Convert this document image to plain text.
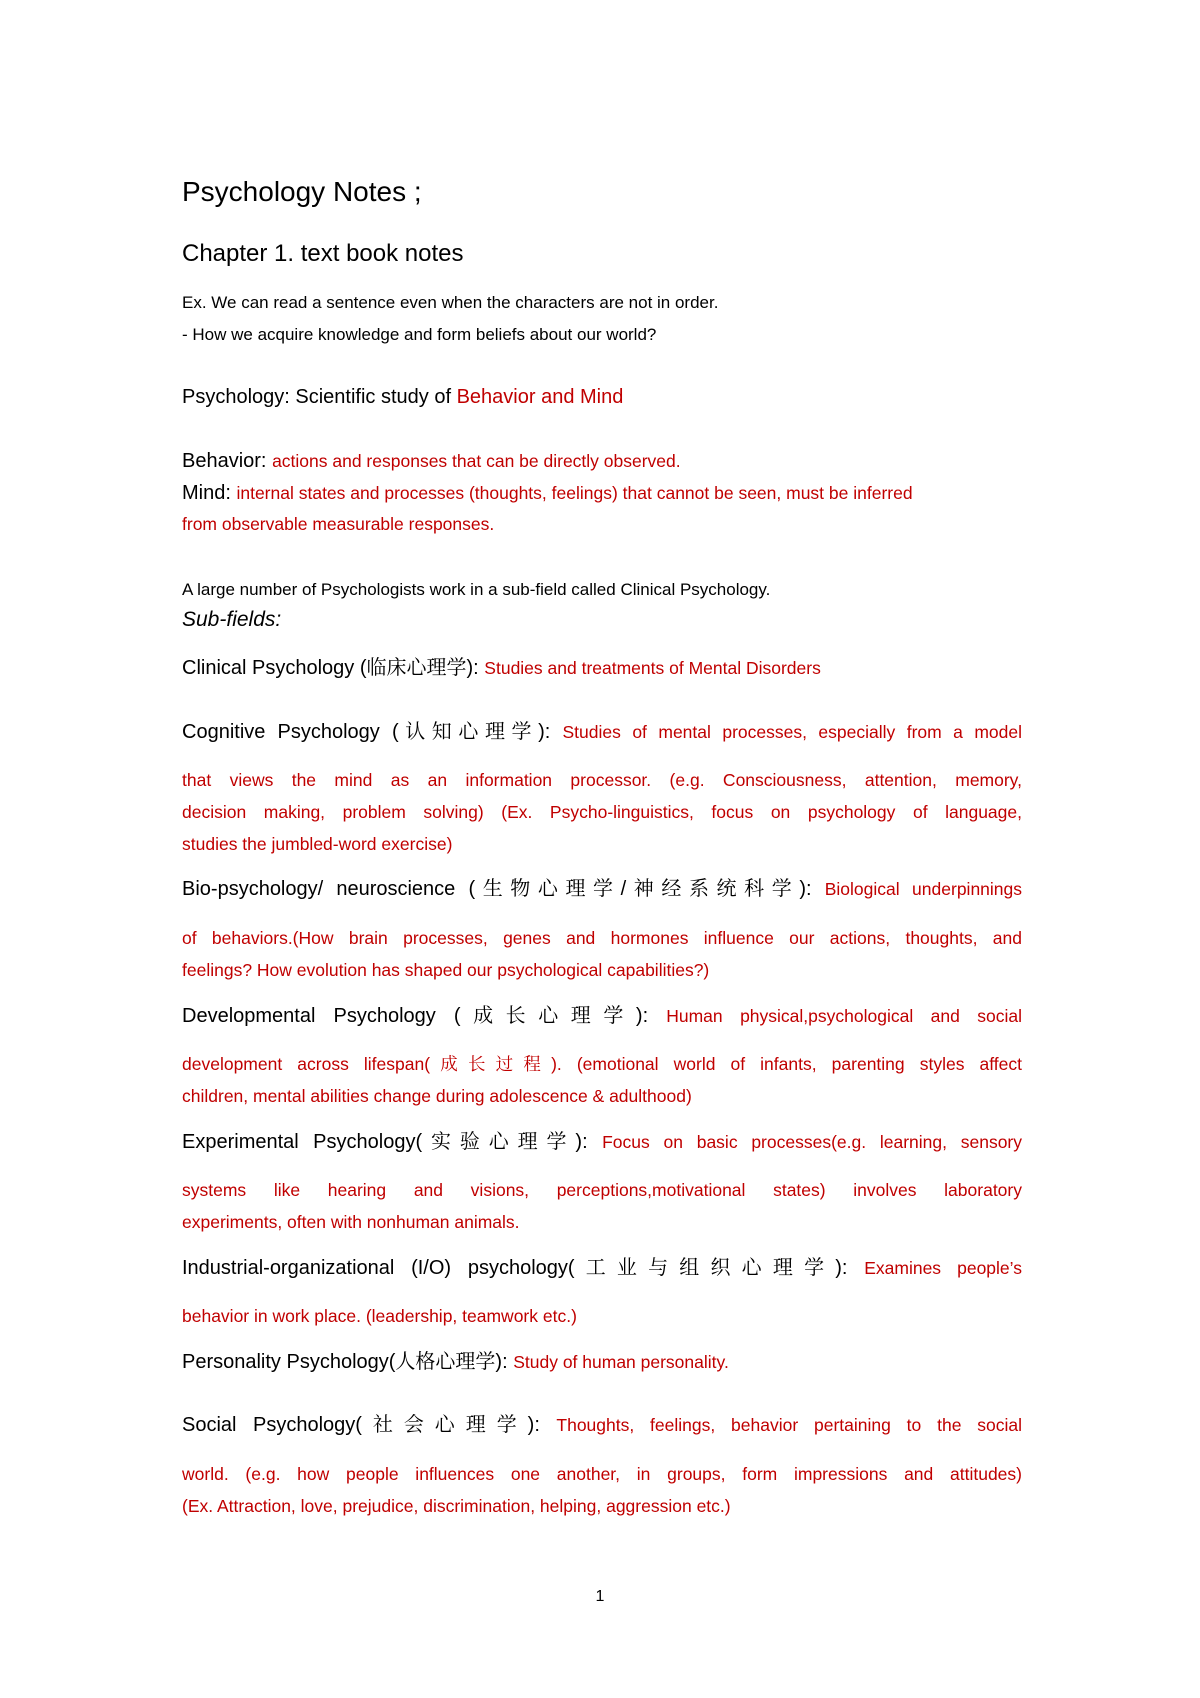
Psychology Notes ;
Chapter 1. text book notes
Ex. We can read a sentence even when the characters are not in order.
- How we acquire knowledge and form beliefs about our world?
Psychology: Scientific study of Behavior and Mind
Behavior: actions and responses that can be directly observed.
Mind: internal states and processes (thoughts, feelings) that cannot be seen, must be inferred
from observable measurable responses.
A large number of Psychologists work in a sub-field called Clinical Psychology.
Sub-fields:
Clinical Psychology (临床心理学): Studies and treatments of Mental Disorders
Cognitive Psychology (认知心理学): Studies of mental processes, especially from a model
that views the mind as an information processor. (e.g. Consciousness, attention, memory,
decision making, problem solving) (Ex. Psycho-linguistics, focus on psychology of language,
studies the jumbled-word exercise)
Bio-psychology/ neuroscience (生物心理学/神经系统科学): Biological underpinnings
of behaviors.(How brain processes, genes and hormones influence our actions, thoughts, and
feelings? How evolution has shaped our psychological capabilities?)
Developmental Psychology (成长心理学): Human physical,psychological and social
development across lifespan(成长过程). (emotional world of infants, parenting styles affect
children, mental abilities change during adolescence & adulthood)
Experimental Psychology(实验心理学): Focus on basic processes(e.g. learning, sensory
systems like hearing and visions, perceptions,motivational states) involves laboratory
experiments, often with nonhuman animals.
Industrial-organizational (I/O) psychology(工业与组织心理学): Examines people’s
behavior in work place. (leadership, teamwork etc.)
Personality Psychology(人格心理学): Study of human personality.
Social Psychology(社会心理学): Thoughts, feelings, behavior pertaining to the social
world. (e.g. how people influences one another, in groups, form impressions and attitudes)
(Ex. Attraction, love, prejudice, discrimination, helping, aggression etc.)
1
